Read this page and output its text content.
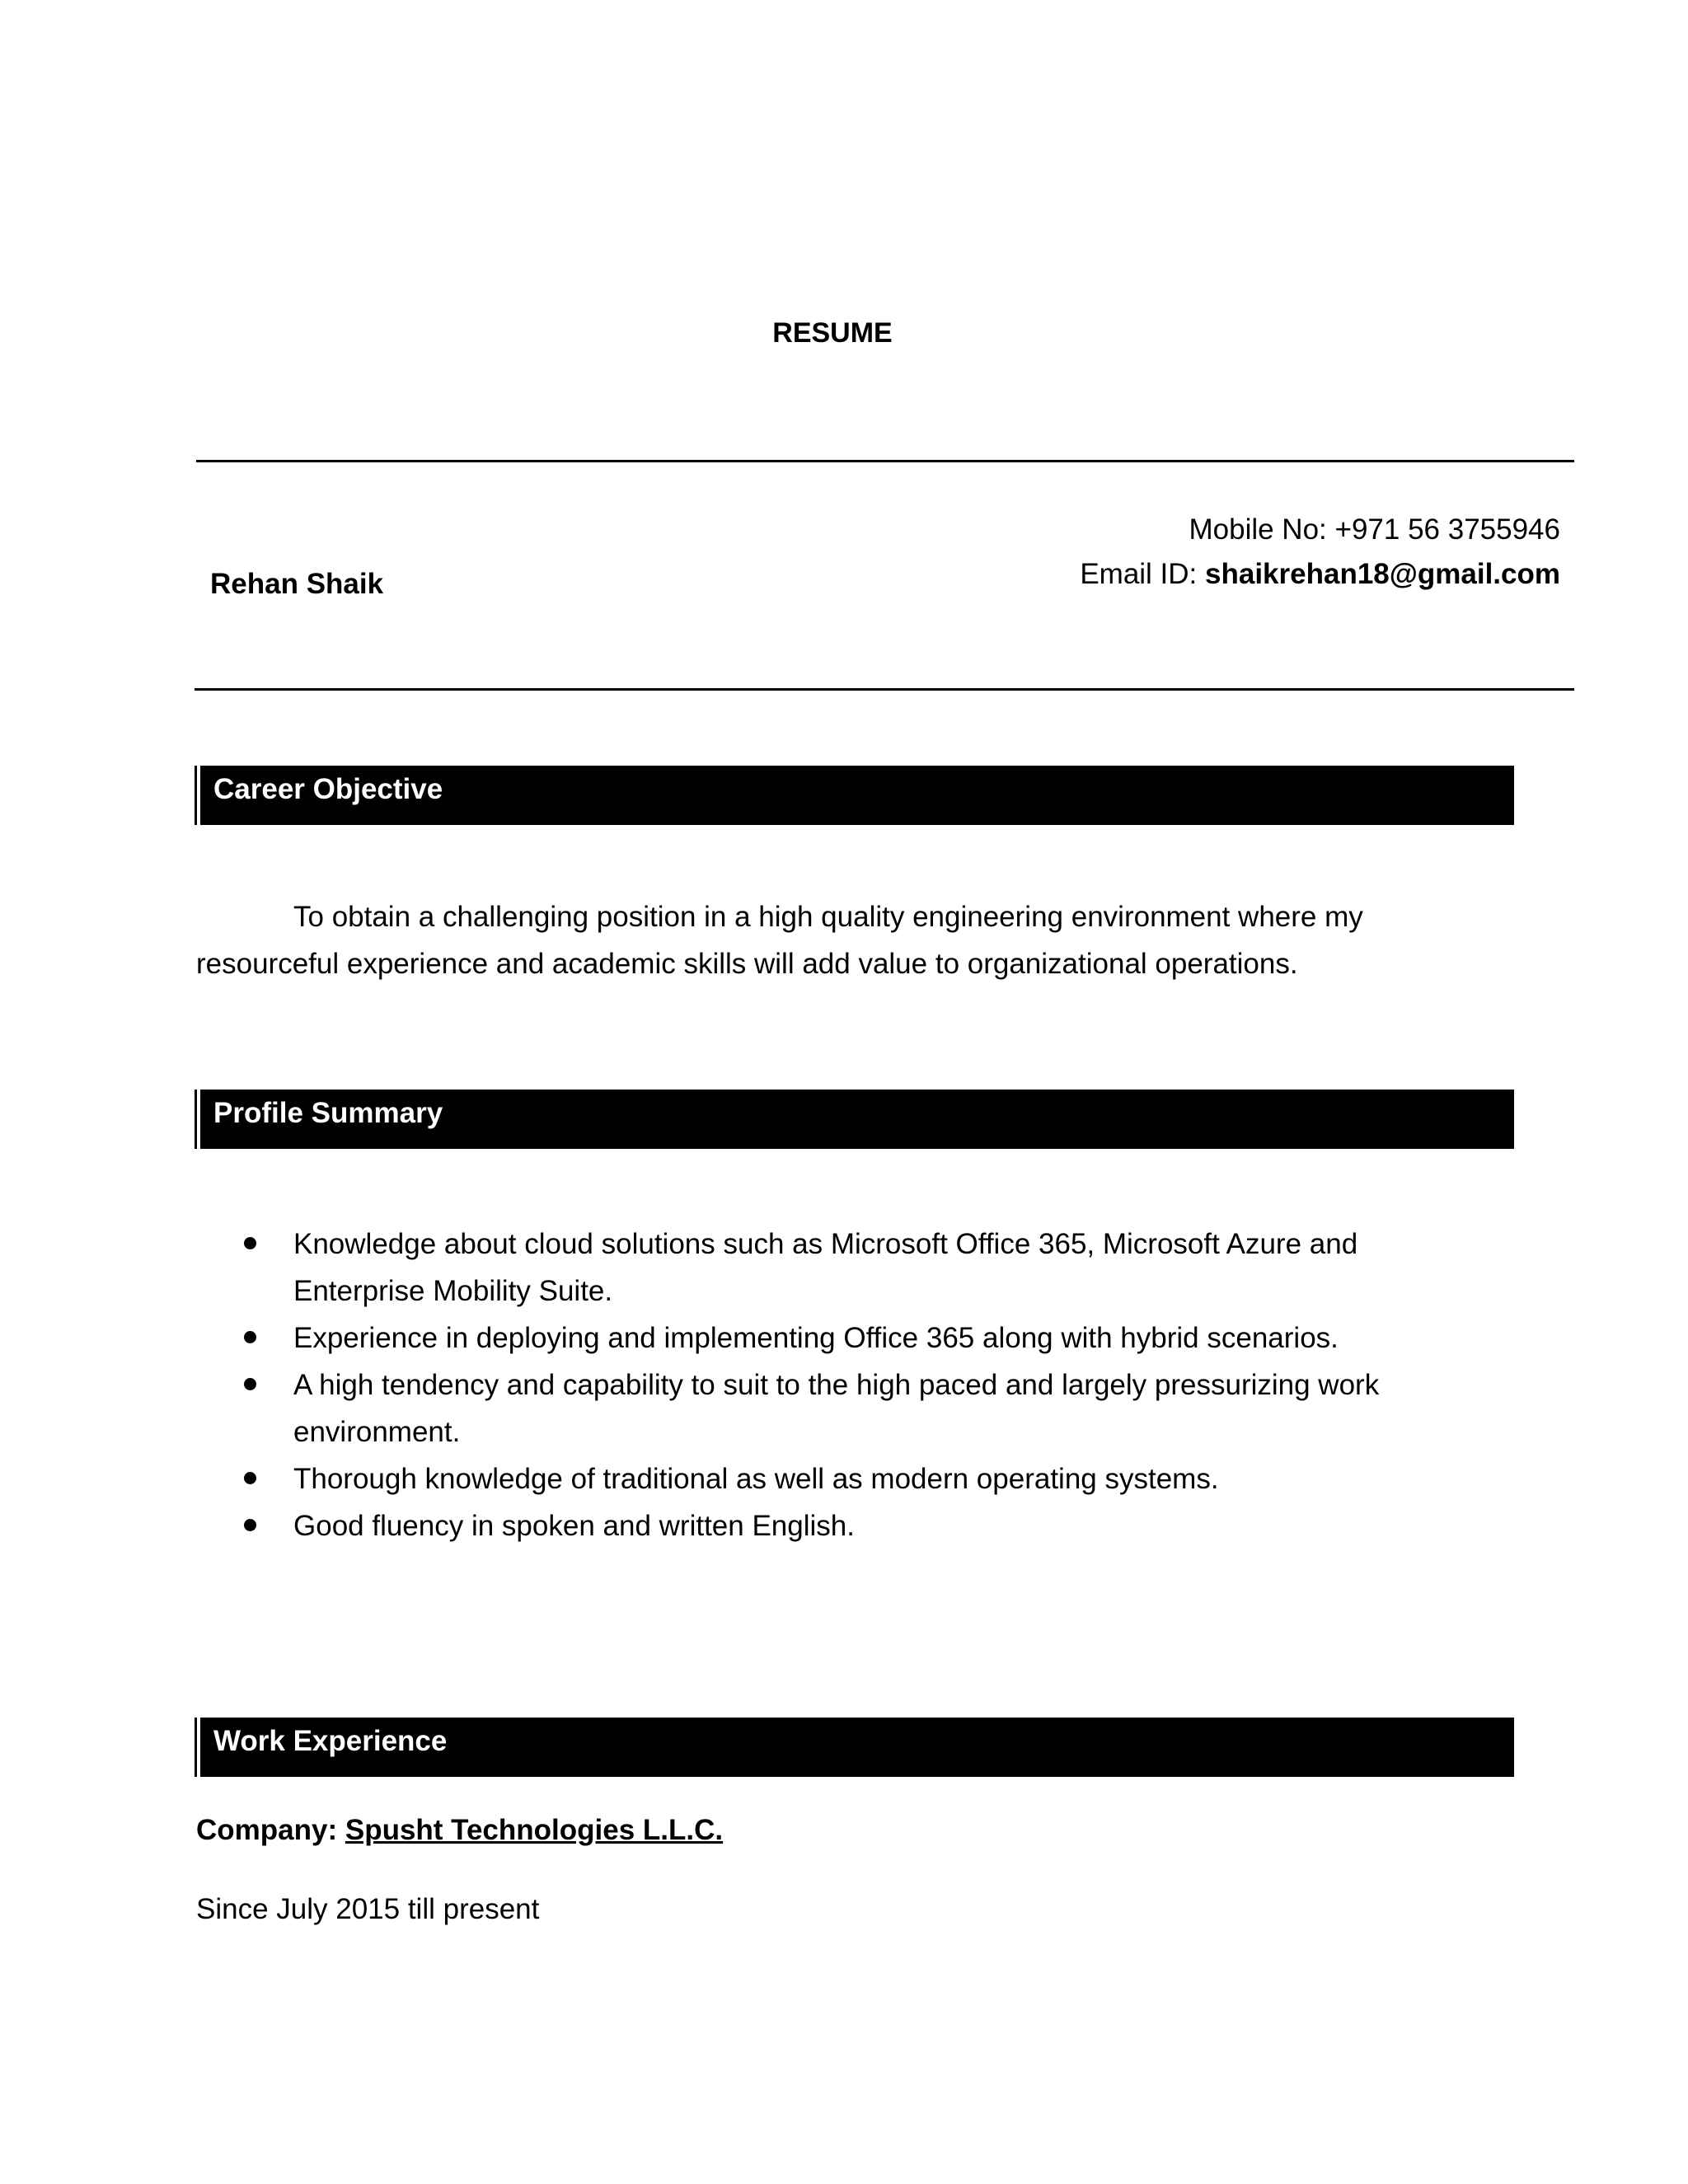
RESUME
Rehan Shaik
Mobile No: +971 56 3755946
Email ID: shaikrehan18@gmail.com
Career Objective
To obtain a challenging position in a high quality engineering environment where my resourceful experience and academic skills will add value to organizational operations.
Profile Summary
Knowledge about cloud solutions such as Microsoft Office 365, Microsoft Azure and Enterprise Mobility Suite.
Experience in deploying and implementing Office 365 along with hybrid scenarios.
A high tendency and capability to suit to the high paced and largely pressurizing work environment.
Thorough knowledge of traditional as well as modern operating systems.
Good fluency in spoken and written English.
Work Experience
Company: Spusht Technologies L.L.C.
Since July 2015 till present
